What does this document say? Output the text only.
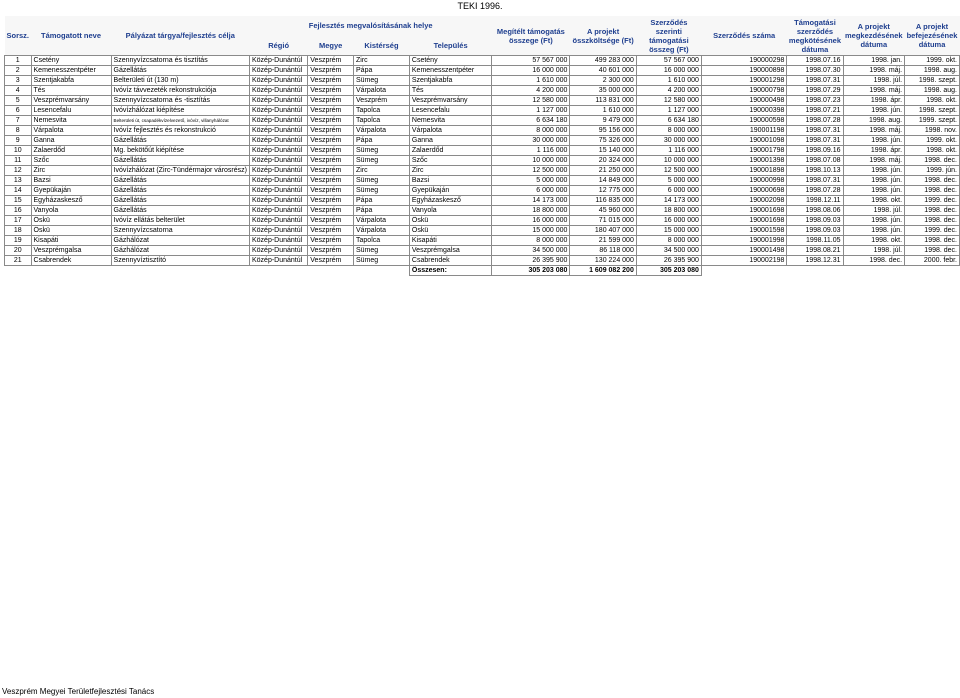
TEKI 1996.
Sorsz.	Támogatott neve	Pályázat tárgya/fejlesztés célja	Fejlesztés megvalósításának helye				Megítélt támogatás összege (Ft)	A projekt összköltsége (Ft)	Szerződés szerinti támogatási összeg (Ft)	Szerződés száma	Támogatási szerződés megkötésének dátuma	A projekt megkezdésének dátuma	A projekt befejezésének dátuma
			Régió	Megye	Kistérség	Település							
1	Csetény	Szennyvízcsatorna és tisztítás	Közép-Dunántúl	Veszprém	Zirc	Csetény	57 567 000	499 283 000	57 567 000	190000298	1998.07.16	1998. jan.	1999. okt.
2	Kemenesszentpéter	Gázellátás	Közép-Dunántúl	Veszprém	Pápa	Kemenesszentpéter	16 000 000	40 601 000	16 000 000	190000898	1998.07.30	1998. máj.	1998. aug.
3	Szentjakabfa	Belterületi út (130 m)	Közép-Dunántúl	Veszprém	Sümeg	Szentjakabfa	1 610 000	2 300 000	1 610 000	190001298	1998.07.31	1998. júl.	1998. szept.
4	Tés	Ivóvíz távvezeték rekonstrukciója	Közép-Dunántúl	Veszprém	Várpalota	Tés	4 200 000	35 000 000	4 200 000	190000798	1998.07.29	1998. máj.	1998. aug.
5	Veszprémvarsány	Szennyvízcsatorna és -tisztítás	Közép-Dunántúl	Veszprém	Veszprém	Veszprémvarsány	12 580 000	113 831 000	12 580 000	190000498	1998.07.23	1998. ápr.	1998. okt.
6	Lesencefalu	Ivóvízhálózat kiépítése	Közép-Dunántúl	Veszprém	Tapolca	Lesencefalu	1 127 000	1 610 000	1 127 000	190000398	1998.07.21	1998. jún.	1998. szept.
7	Nemesvita	Belterületi út, csapadékvízelvezető, ivóvíz, villanyhálózat	Közép-Dunántúl	Veszprém	Tapolca	Nemesvita	6 634 180	9 479 000	6 634 180	190000598	1998.07.28	1998. aug.	1999. szept.
8	Várpalota	Ivóvíz fejlesztés és rekonstrukció	Közép-Dunántúl	Veszprém	Várpalota	Várpalota	8 000 000	95 156 000	8 000 000	190001198	1998.07.31	1998. máj.	1998. nov.
9	Ganna	Gázellátás	Közép-Dunántúl	Veszprém	Pápa	Ganna	30 000 000	75 326 000	30 000 000	190001098	1998.07.31	1998. jún.	1999. okt.
10	Zalaerdőd	Mg. bekötőút kiépítése	Közép-Dunántúl	Veszprém	Sümeg	Zalaerdőd	1 116 000	15 140 000	1 116 000	190001798	1998.09.16	1998. ápr.	1998. okt.
11	Szőc	Gázellátás	Közép-Dunántúl	Veszprém	Sümeg	Szőc	10 000 000	20 324 000	10 000 000	190001398	1998.07.08	1998. máj.	1998. dec.
12	Zirc	Ivóvízhálózat (Zirc-Tündérmajor városrész)	Közép-Dunántúl	Veszprém	Zirc	Zirc	12 500 000	21 250 000	12 500 000	190001898	1998.10.13	1998. jún.	1999. jún.
13	Bazsi	Gázellátás	Közép-Dunántúl	Veszprém	Sümeg	Bazsi	5 000 000	14 849 000	5 000 000	190000998	1998.07.31	1998. jún.	1998. dec.
14	Gyepükaján	Gázellátás	Közép-Dunántúl	Veszprém	Sümeg	Gyepükaján	6 000 000	12 775 000	6 000 000	190000698	1998.07.28	1998. jún.	1998. dec.
15	Egyházaskesző	Gázellátás	Közép-Dunántúl	Veszprém	Pápa	Egyházaskesző	14 173 000	116 835 000	14 173 000	190002098	1998.12.11	1998. okt.	1999. dec.
16	Vanyola	Gázellátás	Közép-Dunántúl	Veszprém	Pápa	Vanyola	18 800 000	45 960 000	18 800 000	190001698	1998.08.06	1998. júl.	1998. dec.
17	Öskü	Ivóvíz ellátás belterület	Közép-Dunántúl	Veszprém	Várpalota	Öskü	16 000 000	71 015 000	16 000 000	190001698	1998.09.03	1998. jún.	1998. dec.
18	Öskü	Szennyvízcsatorna	Közép-Dunántúl	Veszprém	Várpalota	Öskü	15 000 000	180 407 000	15 000 000	190001598	1998.09.03	1998. jún.	1999. dec.
19	Kisapáti	Gázhálózat	Közép-Dunántúl	Veszprém	Tapolca	Kisapáti	8 000 000	21 599 000	8 000 000	190001998	1998.11.05	1998. okt.	1998. dec.
20	Veszprémgalsa	Gázhálózat	Közép-Dunántúl	Veszprém	Sümeg	Veszprémgalsa	34 500 000	86 118 000	34 500 000	190001498	1998.08.21	1998. júl.	1998. dec.
21	Csabrendek	Szennyvíztisztító	Közép-Dunántúl	Veszprém	Sümeg	Csabrendek	26 395 900	130 224 000	26 395 900	190002198	1998.12.31	1998. dec.	2000. febr.
						Összesen:	305 203 080	1 609 082 200	305 203 080				
Veszprém Megyei Területfejlesztési Tanács
